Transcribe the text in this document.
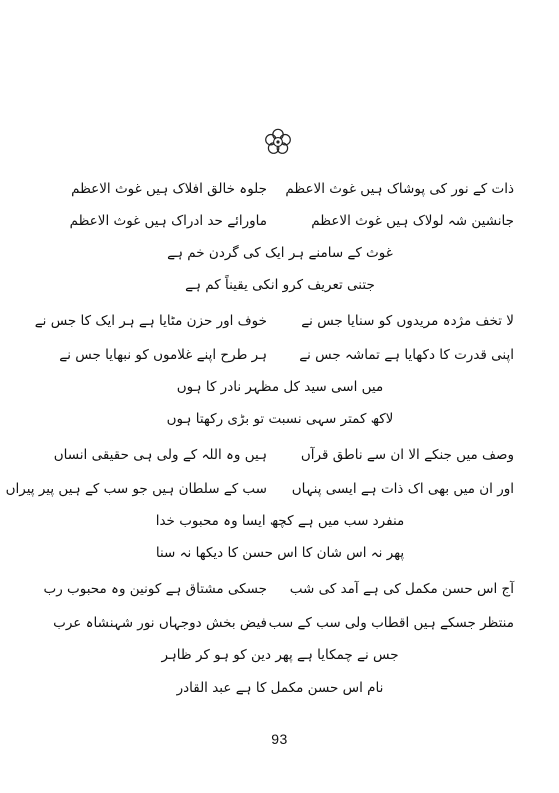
ذات کے نور کی پوشاک ہیں غوث الاعظم
جلوہ خالق افلاک ہیں غوث الاعظم
جانشین شہ لولاک ہیں غوث الاعظم
ماورائے حد ادراک ہیں غوث الاعظم
غوث کے سامنے ہر ایک کی گردن خم ہے
جتنی تعریف کرو انکی یقیناً کم ہے
لا تخف مژدہ مریدوں کو سنایا جس نے
خوف اور حزن مٹایا ہے ہر ایک کا جس نے
اپنی قدرت کا دکھایا ہے تماشہ جس نے
ہر طرح اپنے غلاموں کو نبھایا جس نے
میں اسی سید کل مظہر نادر کا ہوں
لاکھ کمتر سہی نسبت تو بڑی رکھتا ہوں
وصف میں جنکے الا ان سے ناطق قرآں
ہیں وہ اللہ کے ولی ہی حقیقی انساں
اور ان میں بھی اک ذات ہے ایسی پنہاں
سب کے سلطان ہیں جو سب کے ہیں پیر پیراں
منفرد سب میں ہے کچھ ایسا وہ محبوب خدا
پھر نہ اس شان کا اس حسن کا دیکھا نہ سنا
آج اس حسن مکمل کی ہے آمد کی شب
جسکی مشتاق ہے کونین وہ محبوب رب
منتظر جسکے ہیں اقطاب ولی سب کے سب
فیض بخش دوجہاں نور شہنشاہ عرب
جس نے چمکایا ہے پھر دین کو ہو کر ظاہر
نام اس حسن مکمل کا ہے عبد القادر
93
